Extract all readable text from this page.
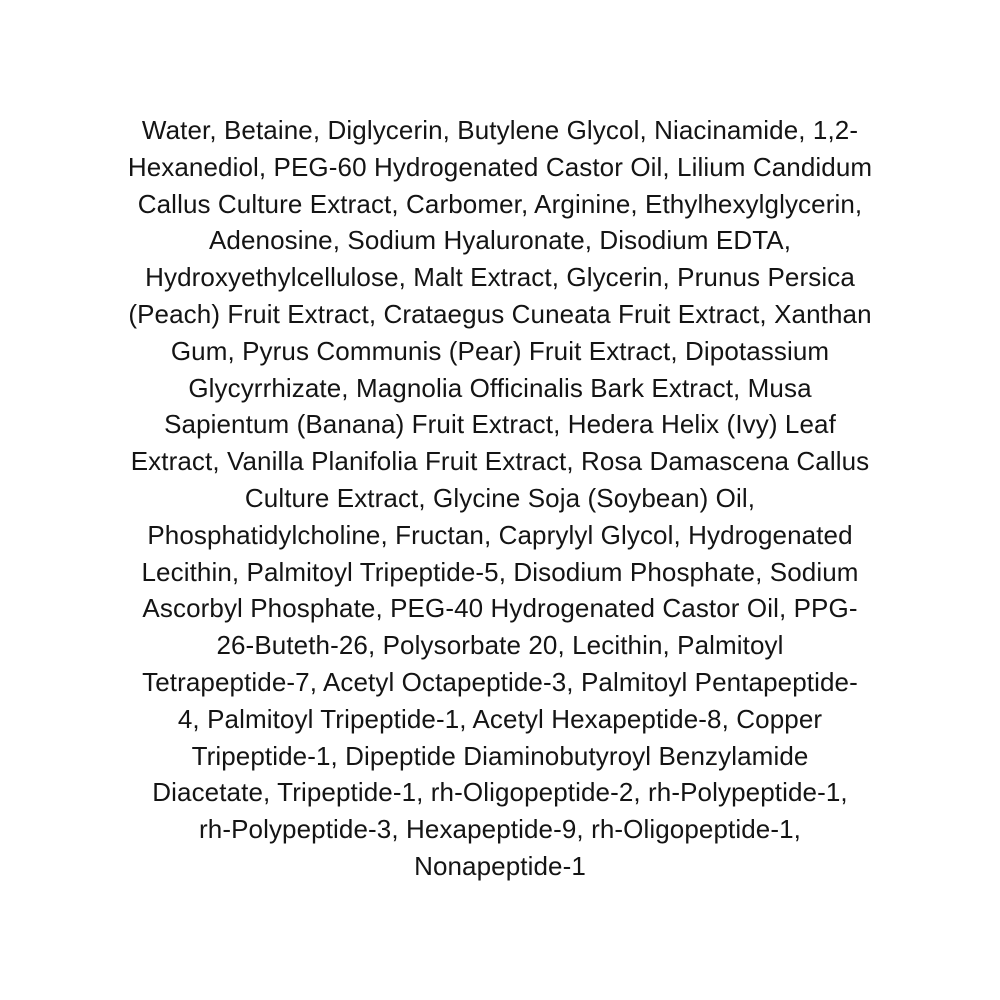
Water, Betaine, Diglycerin, Butylene Glycol, Niacinamide, 1,2-
Hexanediol, PEG-60 Hydrogenated Castor Oil, Lilium Candidum
Callus Culture Extract, Carbomer, Arginine, Ethylhexylglycerin,
Adenosine, Sodium Hyaluronate, Disodium EDTA,
Hydroxyethylcellulose, Malt Extract, Glycerin, Prunus Persica
(Peach) Fruit Extract, Crataegus Cuneata Fruit Extract, Xanthan
Gum, Pyrus Communis (Pear) Fruit Extract, Dipotassium
Glycyrrhizate, Magnolia Officinalis Bark Extract, Musa
Sapientum (Banana) Fruit Extract, Hedera Helix (Ivy) Leaf
Extract, Vanilla Planifolia Fruit Extract, Rosa Damascena Callus
Culture Extract, Glycine Soja (Soybean) Oil,
Phosphatidylcholine, Fructan, Caprylyl Glycol, Hydrogenated
Lecithin, Palmitoyl Tripeptide-5, Disodium Phosphate, Sodium
Ascorbyl Phosphate, PEG-40 Hydrogenated Castor Oil, PPG-
26-Buteth-26, Polysorbate 20, Lecithin, Palmitoyl
Tetrapeptide-7, Acetyl Octapeptide-3, Palmitoyl Pentapeptide-
4, Palmitoyl Tripeptide-1, Acetyl Hexapeptide-8, Copper
Tripeptide-1, Dipeptide Diaminobutyroyl Benzylamide
Diacetate, Tripeptide-1, rh-Oligopeptide-2, rh-Polypeptide-1,
rh-Polypeptide-3, Hexapeptide-9, rh-Oligopeptide-1,
Nonapeptide-1
